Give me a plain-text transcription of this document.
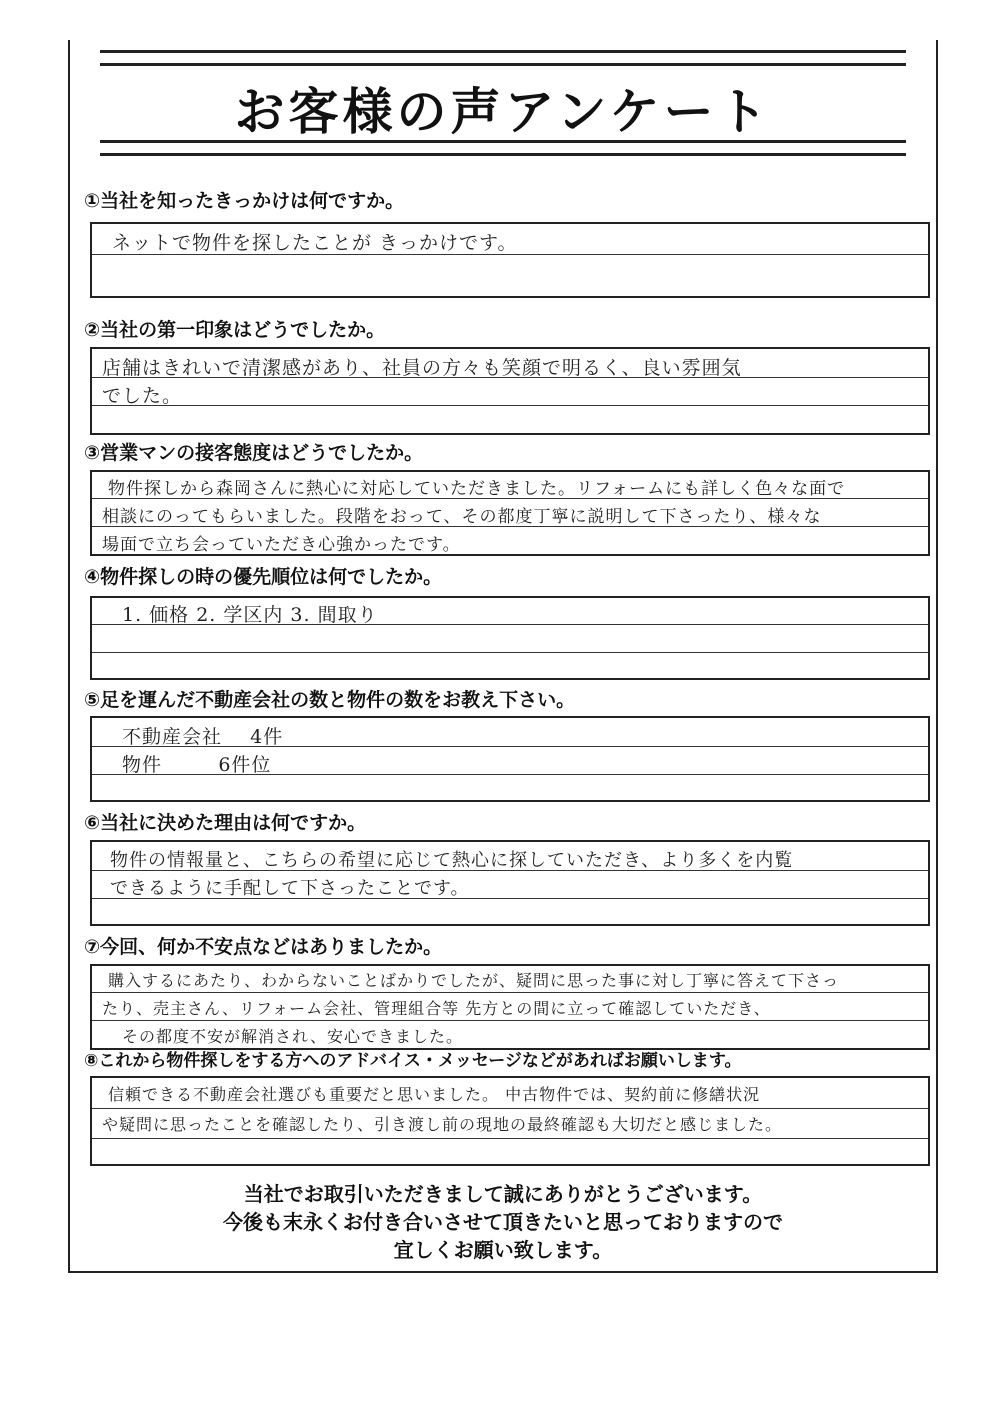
お客様の声アンケート
①当社を知ったきっかけは何ですか。
ネットで物件を探したことが きっかけです。
②当社の第一印象はどうでしたか。
店舗はきれいで清潔感があり、社員の方々も笑顔で明るく、良い雰囲気
でした。
③営業マンの接客態度はどうでしたか。
物件探しから森岡さんに熱心に対応していただきました。リフォームにも詳しく色々な面で
相談にのってもらいました。段階をおって、その都度丁寧に説明して下さったり、様々な
場面で立ち会っていただき心強かったです。
④物件探しの時の優先順位は何でしたか。
1. 価格 2. 学区内 3. 間取り
⑤足を運んだ不動産会社の数と物件の数をお教え下さい。
不動産会社    4件
物件        6件位
⑥当社に決めた理由は何ですか。
物件の情報量と、こちらの希望に応じて熱心に探していただき、より多くを内覧
できるように手配して下さったことです。
⑦今回、何か不安点などはありましたか。
購入するにあたり、わからないことばかりでしたが、疑問に思った事に対し丁寧に答えて下さっ
たり、売主さん、リフォーム会社、管理組合等 先方との間に立って確認していただき、
その都度不安が解消され、安心できました。
⑧これから物件探しをする方へのアドバイス・メッセージなどがあればお願いします。
信頼できる不動産会社選びも重要だと思いました。 中古物件では、契約前に修繕状況
や疑問に思ったことを確認したり、引き渡し前の現地の最終確認も大切だと感じました。
当社でお取引いただきまして誠にありがとうございます。
今後も末永くお付き合いさせて頂きたいと思っておりますので
宜しくお願い致します。
